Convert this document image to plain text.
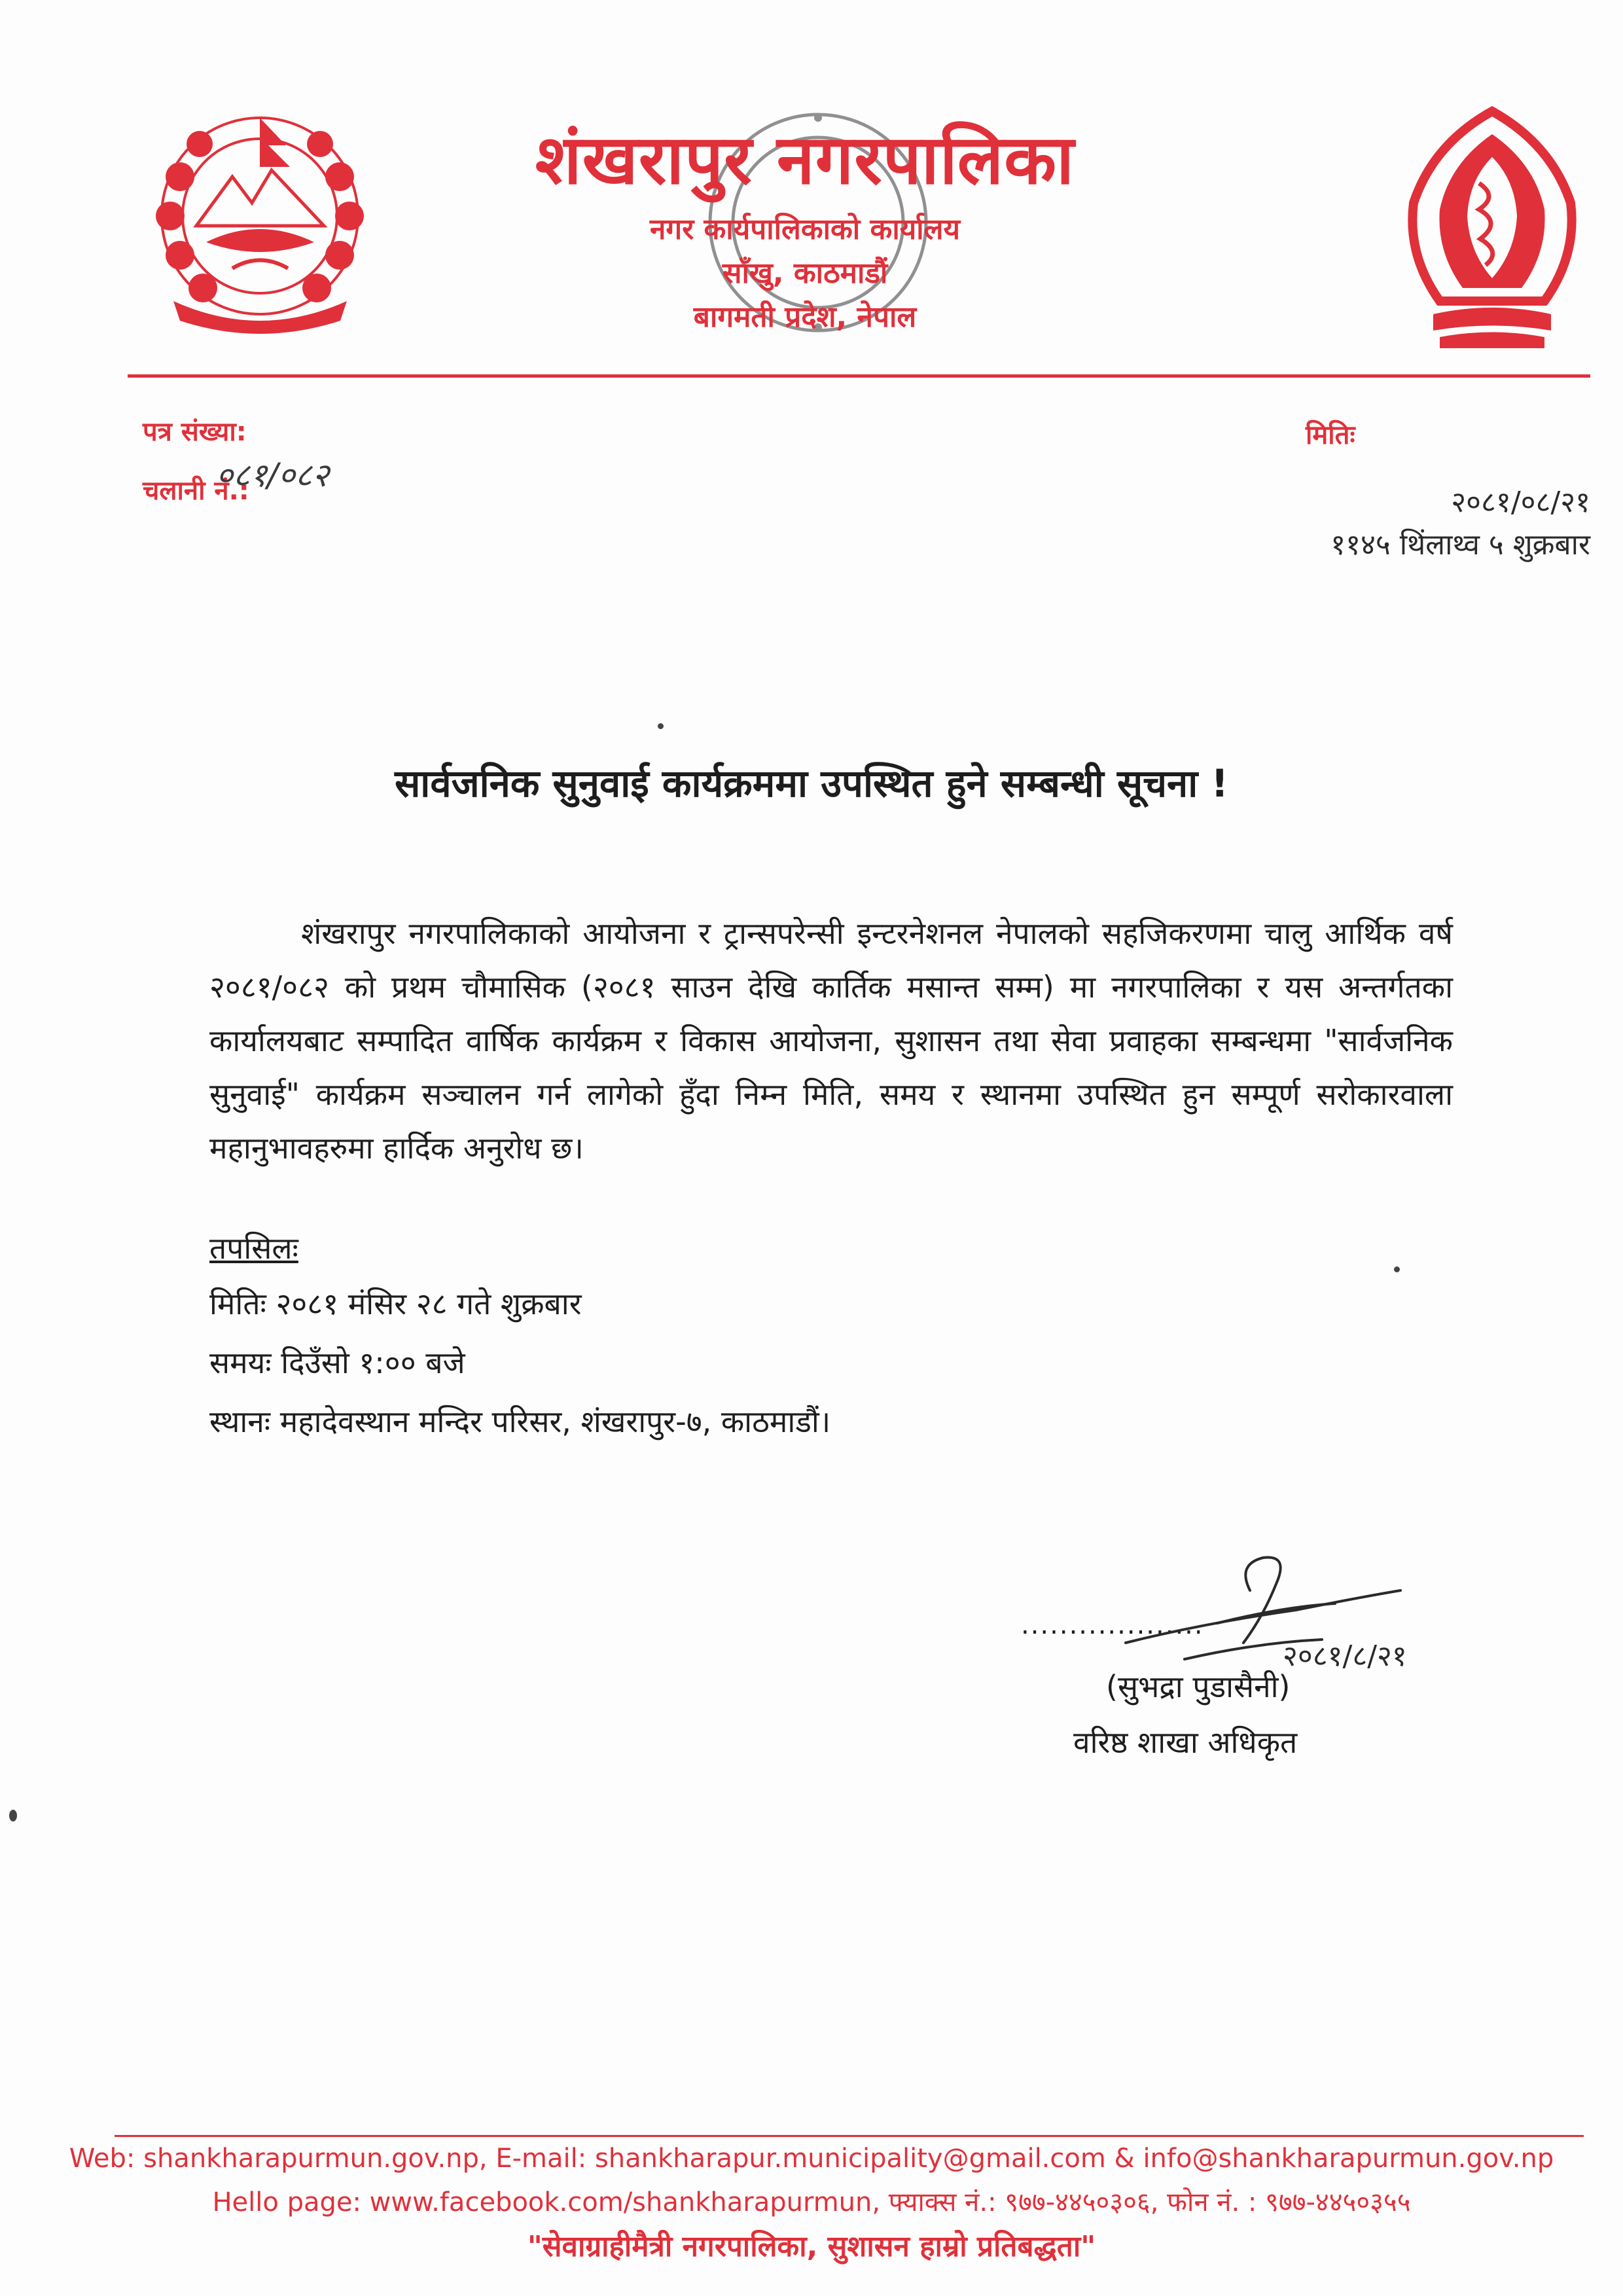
शंखरापुर नगरपालिका
नगर कार्यपालिकाको कार्यालय
साँखु, काठमाडौं
बागमती प्रदेश, नेपाल
पत्र संख्या:
चलानी नं.:
०८१/०८२
मितिः
२०८१/०८/२१
११४५ थिंलाथ्व ५ शुक्रबार
सार्वजनिक सुनुवाई कार्यक्रममा उपस्थित हुने सम्बन्धी सूचना !
शंखरापुर नगरपालिकाको आयोजना र ट्रान्सपरेन्सी इन्टरनेशनल नेपालको सहजिकरणमा चालु आर्थिक वर्ष २०८१/०८२ को प्रथम चौमासिक (२०८१ साउन देखि कार्तिक मसान्त सम्म) मा नगरपालिका र यस अन्तर्गतका कार्यालयबाट सम्पादित वार्षिक कार्यक्रम र विकास आयोजना, सुशासन तथा सेवा प्रवाहका सम्बन्धमा "सार्वजनिक सुनुवाई" कार्यक्रम सञ्चालन गर्न लागेको हुँदा निम्न मिति, समय र स्थानमा उपस्थित हुन सम्पूर्ण सरोकारवाला महानुभावहरुमा हार्दिक अनुरोध छ।
तपसिलः
मितिः २०८१ मंसिर २८ गते शुक्रबार
समयः दिउँसो १:०० बजे
स्थानः महादेवस्थान मन्दिर परिसर, शंखरापुर-७, काठमाडौं।
...................
२०८१/८/२१
(सुभद्रा पुडासैनी)
वरिष्ठ शाखा अधिकृत
Web: shankharapurmun.gov.np, E-mail: shankharapur.municipality@gmail.com & info@shankharapurmun.gov.np
Hello page: www.facebook.com/shankharapurmun, फ्याक्स नं.: ९७७-४४५०३०६, फोन नं. : ९७७-४४५०३५५
"सेवाग्राहीमैत्री नगरपालिका, सुशासन हाम्रो प्रतिबद्धता"
